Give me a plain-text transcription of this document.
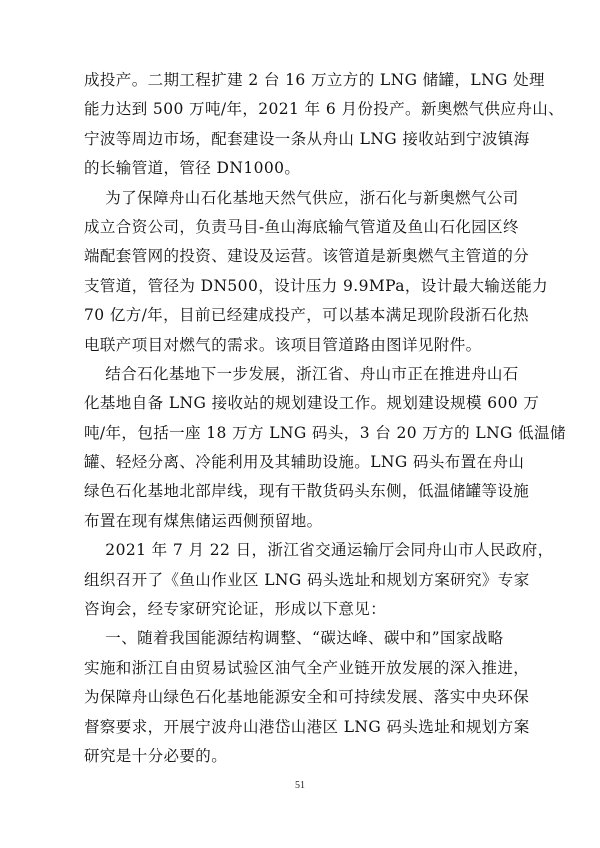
成投产。二期工程扩建 2 台 16 万立方的 LNG 储罐，LNG 处理
能力达到 500 万吨/年，2021 年 6 月份投产。新奥燃气供应舟山、
宁波等周边市场，配套建设一条从舟山 LNG 接收站到宁波镇海
的长输管道，管径 DN1000。
为了保障舟山石化基地天然气供应，浙石化与新奥燃气公司
成立合资公司，负责马目-鱼山海底输气管道及鱼山石化园区终
端配套管网的投资、建设及运营。该管道是新奥燃气主管道的分
支管道，管径为 DN500，设计压力 9.9MPa，设计最大输送能力
70 亿方/年，目前已经建成投产，可以基本满足现阶段浙石化热
电联产项目对燃气的需求。该项目管道路由图详见附件。
结合石化基地下一步发展，浙江省、舟山市正在推进舟山石
化基地自备 LNG 接收站的规划建设工作。规划建设规模 600 万
吨/年，包括一座 18 万方 LNG 码头，3 台 20 万方的 LNG 低温储
罐、轻烃分离、冷能利用及其辅助设施。LNG 码头布置在舟山
绿色石化基地北部岸线，现有干散货码头东侧，低温储罐等设施
布置在现有煤焦储运西侧预留地。
2021 年 7 月 22 日，浙江省交通运输厅会同舟山市人民政府，
组织召开了《鱼山作业区 LNG 码头选址和规划方案研究》专家
咨询会，经专家研究论证，形成以下意见：
一、随着我国能源结构调整、“碳达峰、碳中和”国家战略
实施和浙江自由贸易试验区油气全产业链开放发展的深入推进，
为保障舟山绿色石化基地能源安全和可持续发展、落实中央环保
督察要求，开展宁波舟山港岱山港区 LNG 码头选址和规划方案
研究是十分必要的。
51
